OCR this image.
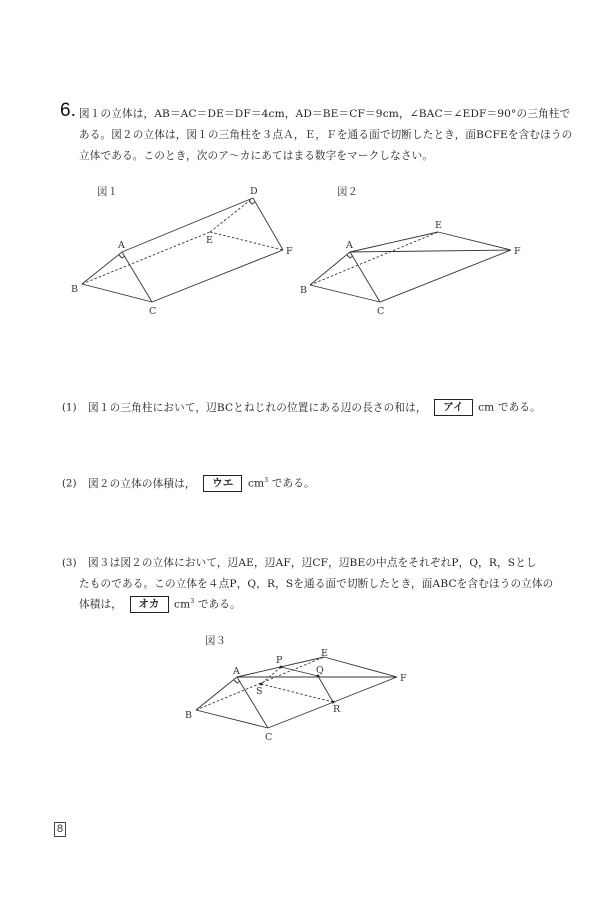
6. 図１の立体は，AB＝AC＝DE＝DF＝4cm，AD＝BE＝CF＝9cm，∠BAC＝∠EDF＝90°の三角柱で
ある。図２の立体は，図１の三角柱を３点Ａ，Ｅ，Ｆを通る面で切断したとき，面BCFEを含むほうの
立体である。このとき，次のア～カにあてはまる数字をマークしなさい。
図１	図２
A
B
C
D
E
F
A
B
C
E
F
A
B
C
E
F
P
Q
R
S
(1) 図１の三角柱において，辺BCとねじれの位置にある辺の長さの和は， アイ cm である。
(2) 図２の立体の体積は， ウエ $cm^3$ である。
(3) 図３は図２の立体において，辺AE，辺AF，辺CF，辺BEの中点をそれぞれP，Q，R，Sとし
たものである。この立体を４点P，Q，R，Sを通る面で切断したとき，面ABCを含むほうの立体の
体積は， オカ $cm^3$ である。
図３
8
